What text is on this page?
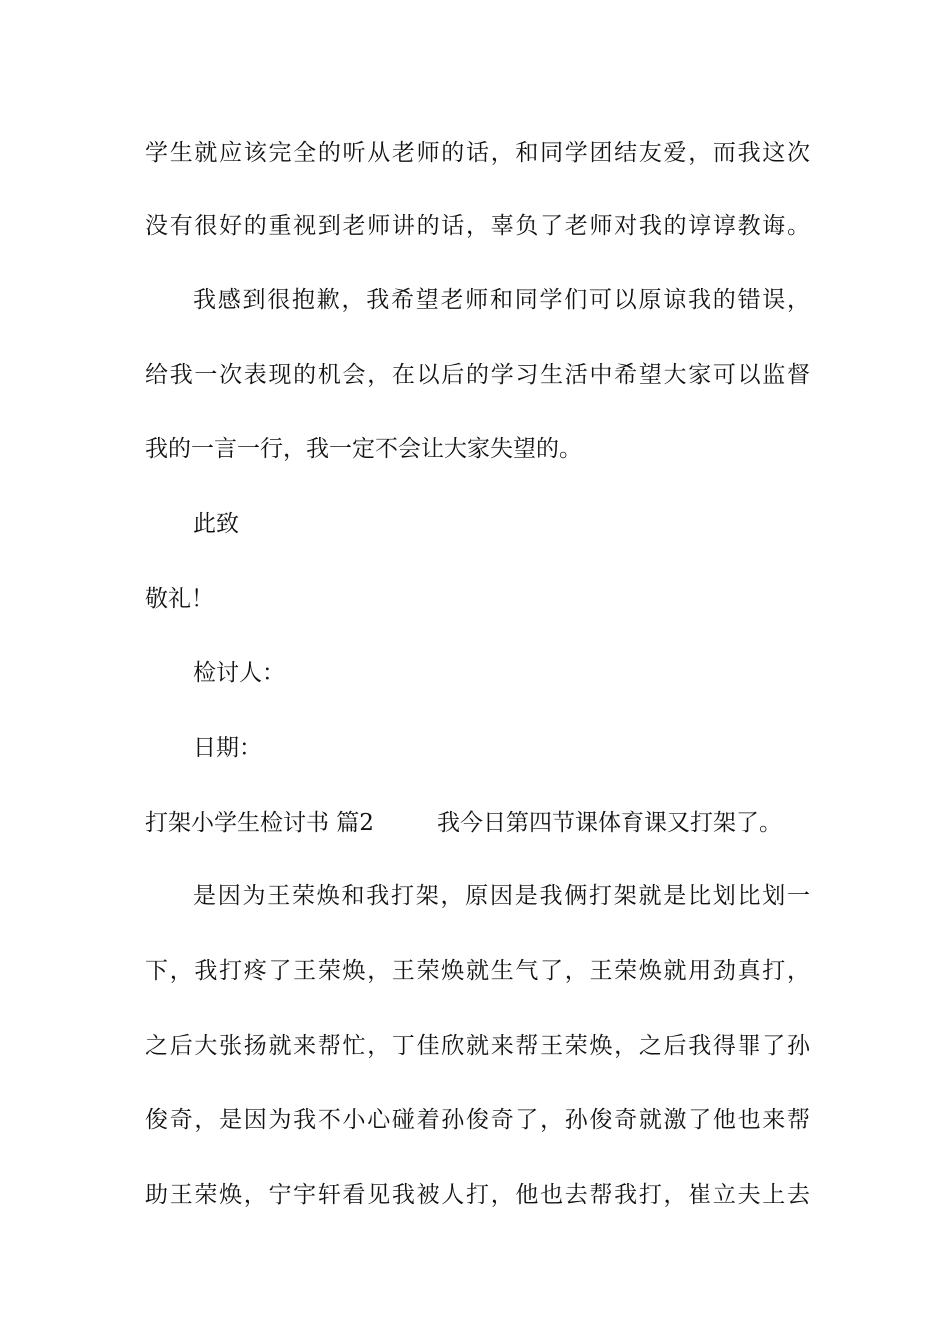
学生就应该完全的听从老师的话，和同学团结友爱，而我这次
没有很好的重视到老师讲的话，辜负了老师对我的谆谆教诲。
我感到很抱歉，我希望老师和同学们可以原谅我的错误，
给我一次表现的机会，在以后的学习生活中希望大家可以监督
我的一言一行，我一定不会让大家失望的。
此致
敬礼！
检讨人：
日期：
打架小学生检讨书 篇2	我今日第四节课体育课又打架了。
是因为王荣焕和我打架，原因是我俩打架就是比划比划一
下，我打疼了王荣焕，王荣焕就生气了，王荣焕就用劲真打，
之后大张扬就来帮忙，丁佳欣就来帮王荣焕，之后我得罪了孙
俊奇，是因为我不小心碰着孙俊奇了，孙俊奇就激了他也来帮
助王荣焕，宁宇轩看见我被人打，他也去帮我打，崔立夫上去
